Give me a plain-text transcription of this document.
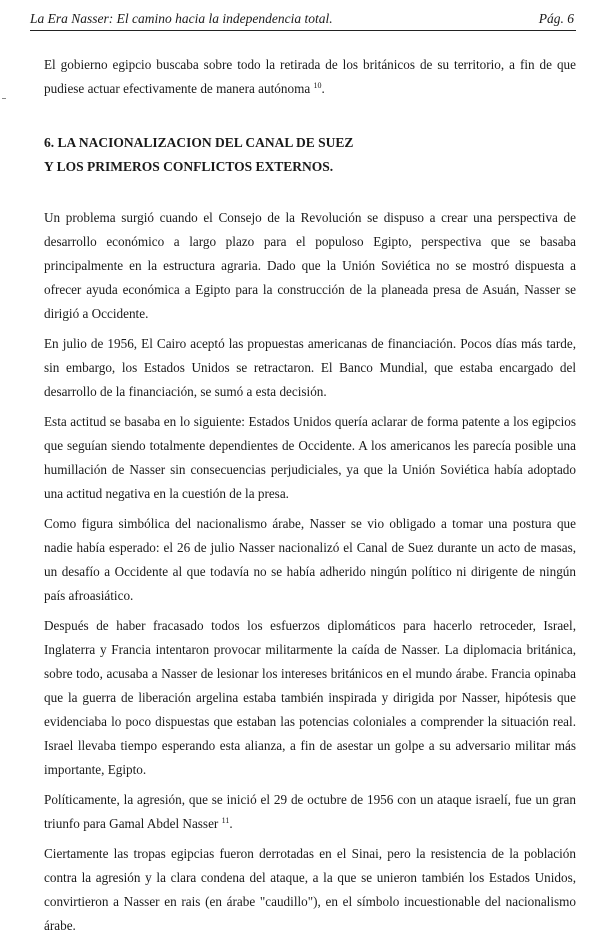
La Era Nasser: El camino hacia la independencia total.	Pág. 6

El gobierno egipcio buscaba sobre todo la retirada de los británicos de su territorio, a fin de que pudiese actuar efectivamente de manera autónoma $^{10}$.

6. LA NACIONALIZACION DEL CANAL DE SUEZ
Y LOS PRIMEROS CONFLICTOS EXTERNOS.

Un problema surgió cuando el Consejo de la Revolución se dispuso a crear una perspectiva de desarrollo económico a largo plazo para el populoso Egipto, perspectiva que se basaba principalmente en la estructura agraria. Dado que la Unión Soviética no se mostró dispuesta a ofrecer ayuda económica a Egipto para la construcción de la planeada presa de Asuán, Nasser se dirigió a Occidente.

En julio de 1956, El Cairo aceptó las propuestas americanas de financiación. Pocos días más tarde, sin embargo, los Estados Unidos se retractaron. El Banco Mundial, que estaba encargado del desarrollo de la financiación, se sumó a esta decisión.

Esta actitud se basaba en lo siguiente: Estados Unidos quería aclarar de forma patente a los egipcios que seguían siendo totalmente dependientes de Occidente. A los americanos les parecía posible una humillación de Nasser sin consecuencias perjudiciales, ya que la Unión Soviética había adoptado una actitud negativa en la cuestión de la presa.

Como figura simbólica del nacionalismo árabe, Nasser se vio obligado a tomar una postura que nadie había esperado: el 26 de julio Nasser nacionalizó el Canal de Suez durante un acto de masas, un desafío a Occidente al que todavía no se había adherido ningún político ni dirigente de ningún país afroasiático.

Después de haber fracasado todos los esfuerzos diplomáticos para hacerlo retroceder, Israel, Inglaterra y Francia intentaron provocar militarmente la caída de Nasser. La diplomacia británica, sobre todo, acusaba a Nasser de lesionar los intereses británicos en el mundo árabe. Francia opinaba que la guerra de liberación argelina estaba también inspirada y dirigida por Nasser, hipótesis que evidenciaba lo poco dispuestas que estaban las potencias coloniales a comprender la situación real. Israel llevaba tiempo esperando esta alianza, a fin de asestar un golpe a su adversario militar más importante, Egipto.

Políticamente, la agresión, que se inició el 29 de octubre de 1956 con un ataque israelí, fue un gran triunfo para Gamal Abdel Nasser $^{11}$.

Ciertamente las tropas egipcias fueron derrotadas en el Sinai, pero la resistencia de la población contra la agresión y la clara condena del ataque, a la que se unieron también los Estados Unidos, convirtieron a Nasser en rais (en árabe "caudillo"), en el símbolo incuestionable del nacionalismo árabe.
